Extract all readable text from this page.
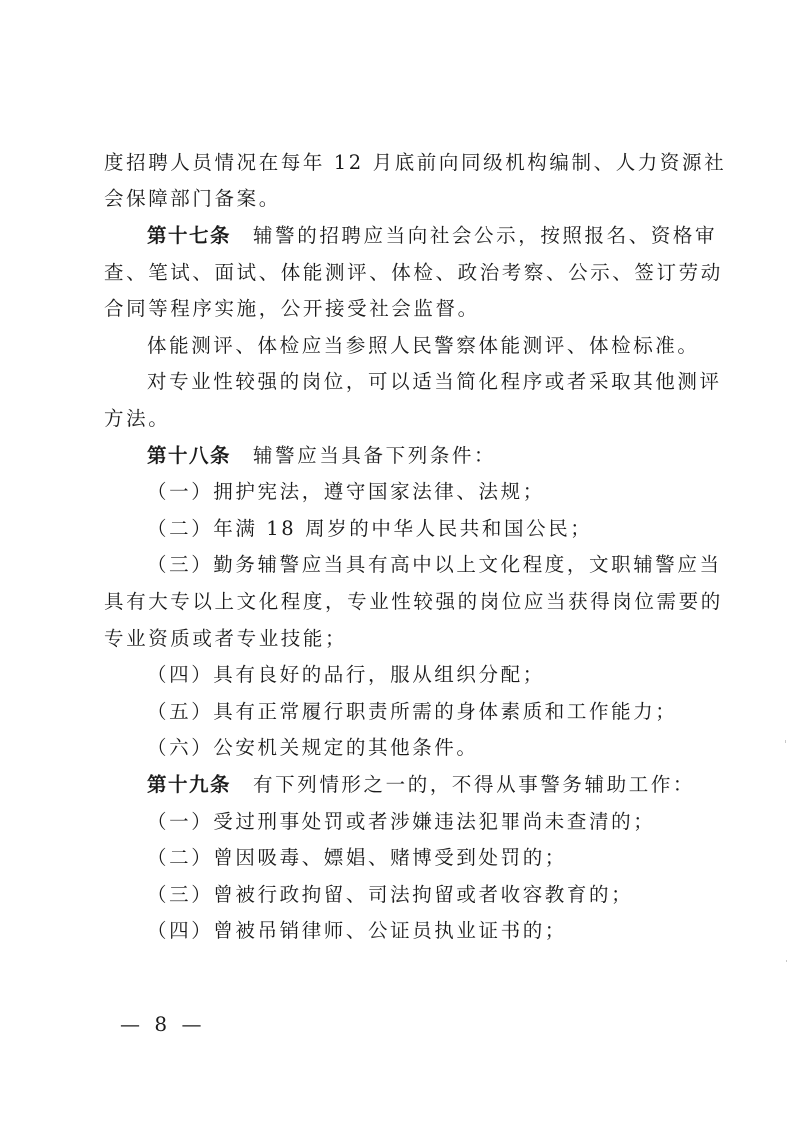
度招聘人员情况在每年 12 月底前向同级机构编制、人力资源社
会保障部门备案。
第十七条 辅警的招聘应当向社会公示，按照报名、资格审
查、笔试、面试、体能测评、体检、政治考察、公示、签订劳动
合同等程序实施，公开接受社会监督。
体能测评、体检应当参照人民警察体能测评、体检标准。
对专业性较强的岗位，可以适当简化程序或者采取其他测评
方法。
第十八条 辅警应当具备下列条件：
（一）拥护宪法，遵守国家法律、法规；
（二）年满 18 周岁的中华人民共和国公民；
（三）勤务辅警应当具有高中以上文化程度，文职辅警应当
具有大专以上文化程度，专业性较强的岗位应当获得岗位需要的
专业资质或者专业技能；
（四）具有良好的品行，服从组织分配；
（五）具有正常履行职责所需的身体素质和工作能力；
（六）公安机关规定的其他条件。
第十九条 有下列情形之一的，不得从事警务辅助工作：
（一）受过刑事处罚或者涉嫌违法犯罪尚未查清的；
（二）曾因吸毒、嫖娼、赌博受到处罚的；
（三）曾被行政拘留、司法拘留或者收容教育的；
（四）曾被吊销律师、公证员执业证书的；
— 8 —
